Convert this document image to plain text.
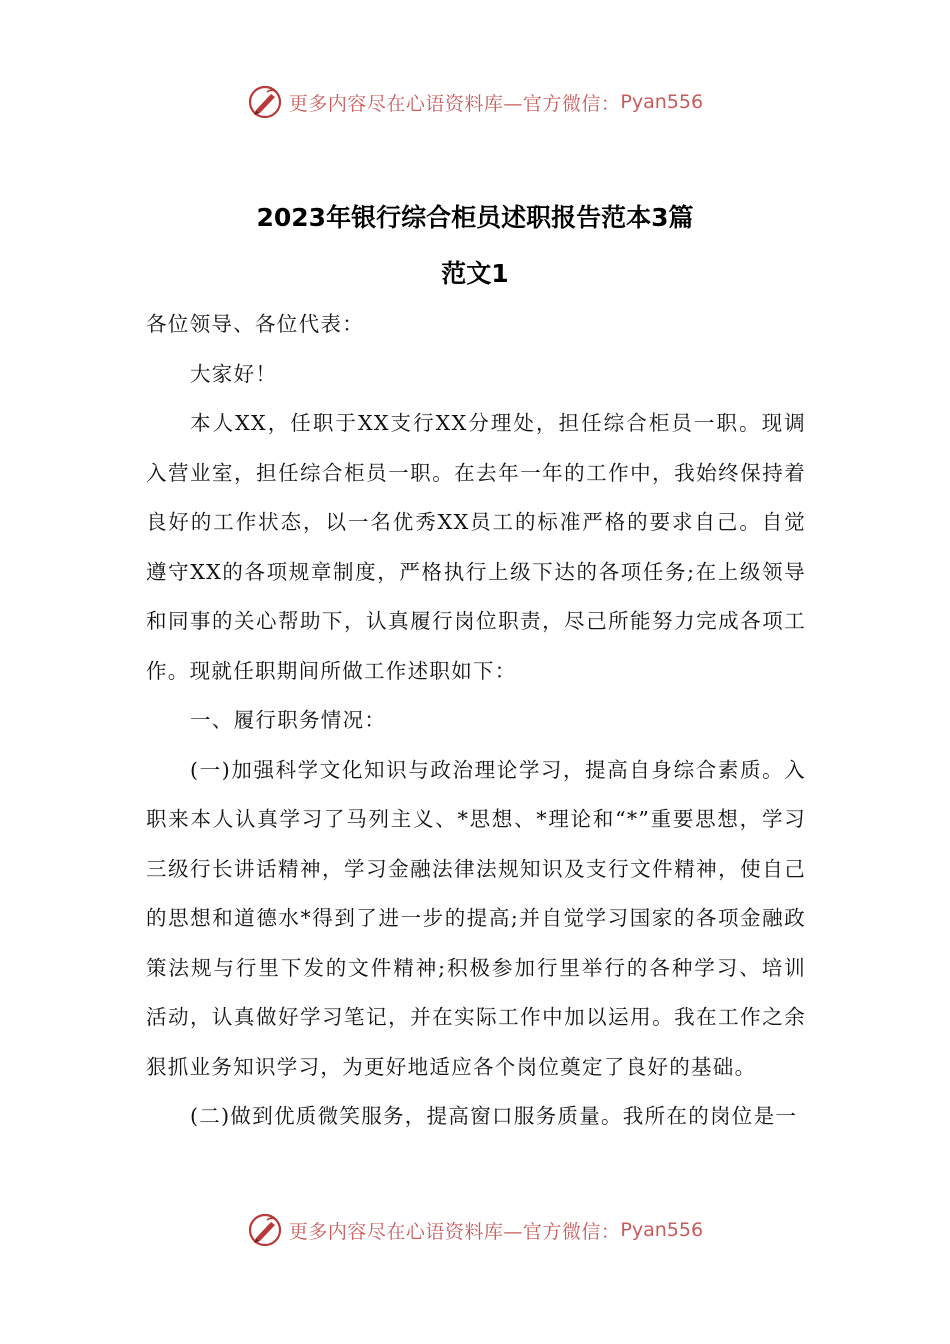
更多内容尽在心语资料库—官方微信： Pyan556
2023年银行综合柜员述职报告范本3篇
范文1

各位领导、各位代表：

大家好！

本人XX，任职于XX支行XX分理处，担任综合柜员一职。现调入营业室，担任综合柜员一职。在去年一年的工作中，我始终保持着良好的工作状态，以一名优秀XX员工的标准严格的要求自己。自觉遵守XX的各项规章制度，严格执行上级下达的各项任务;在上级领导和同事的关心帮助下，认真履行岗位职责，尽己所能努力完成各项工作。现就任职期间所做工作述职如下：

一、履行职务情况：

(一)加强科学文化知识与政治理论学习，提高自身综合素质。入职来本人认真学习了马列主义、*思想、*理论和“*”重要思想，学习三级行长讲话精神，学习金融法律法规知识及支行文件精神，使自己的思想和道德水*得到了进一步的提高;并自觉学习国家的各项金融政策法规与行里下发的文件精神;积极参加行里举行的各种学习、培训活动，认真做好学习笔记，并在实际工作中加以运用。我在工作之余狠抓业务知识学习，为更好地适应各个岗位奠定了良好的基础。

(二)做到优质微笑服务，提高窗口服务质量。我所在的岗位是一

更多内容尽在心语资料库—官方微信： Pyan556
